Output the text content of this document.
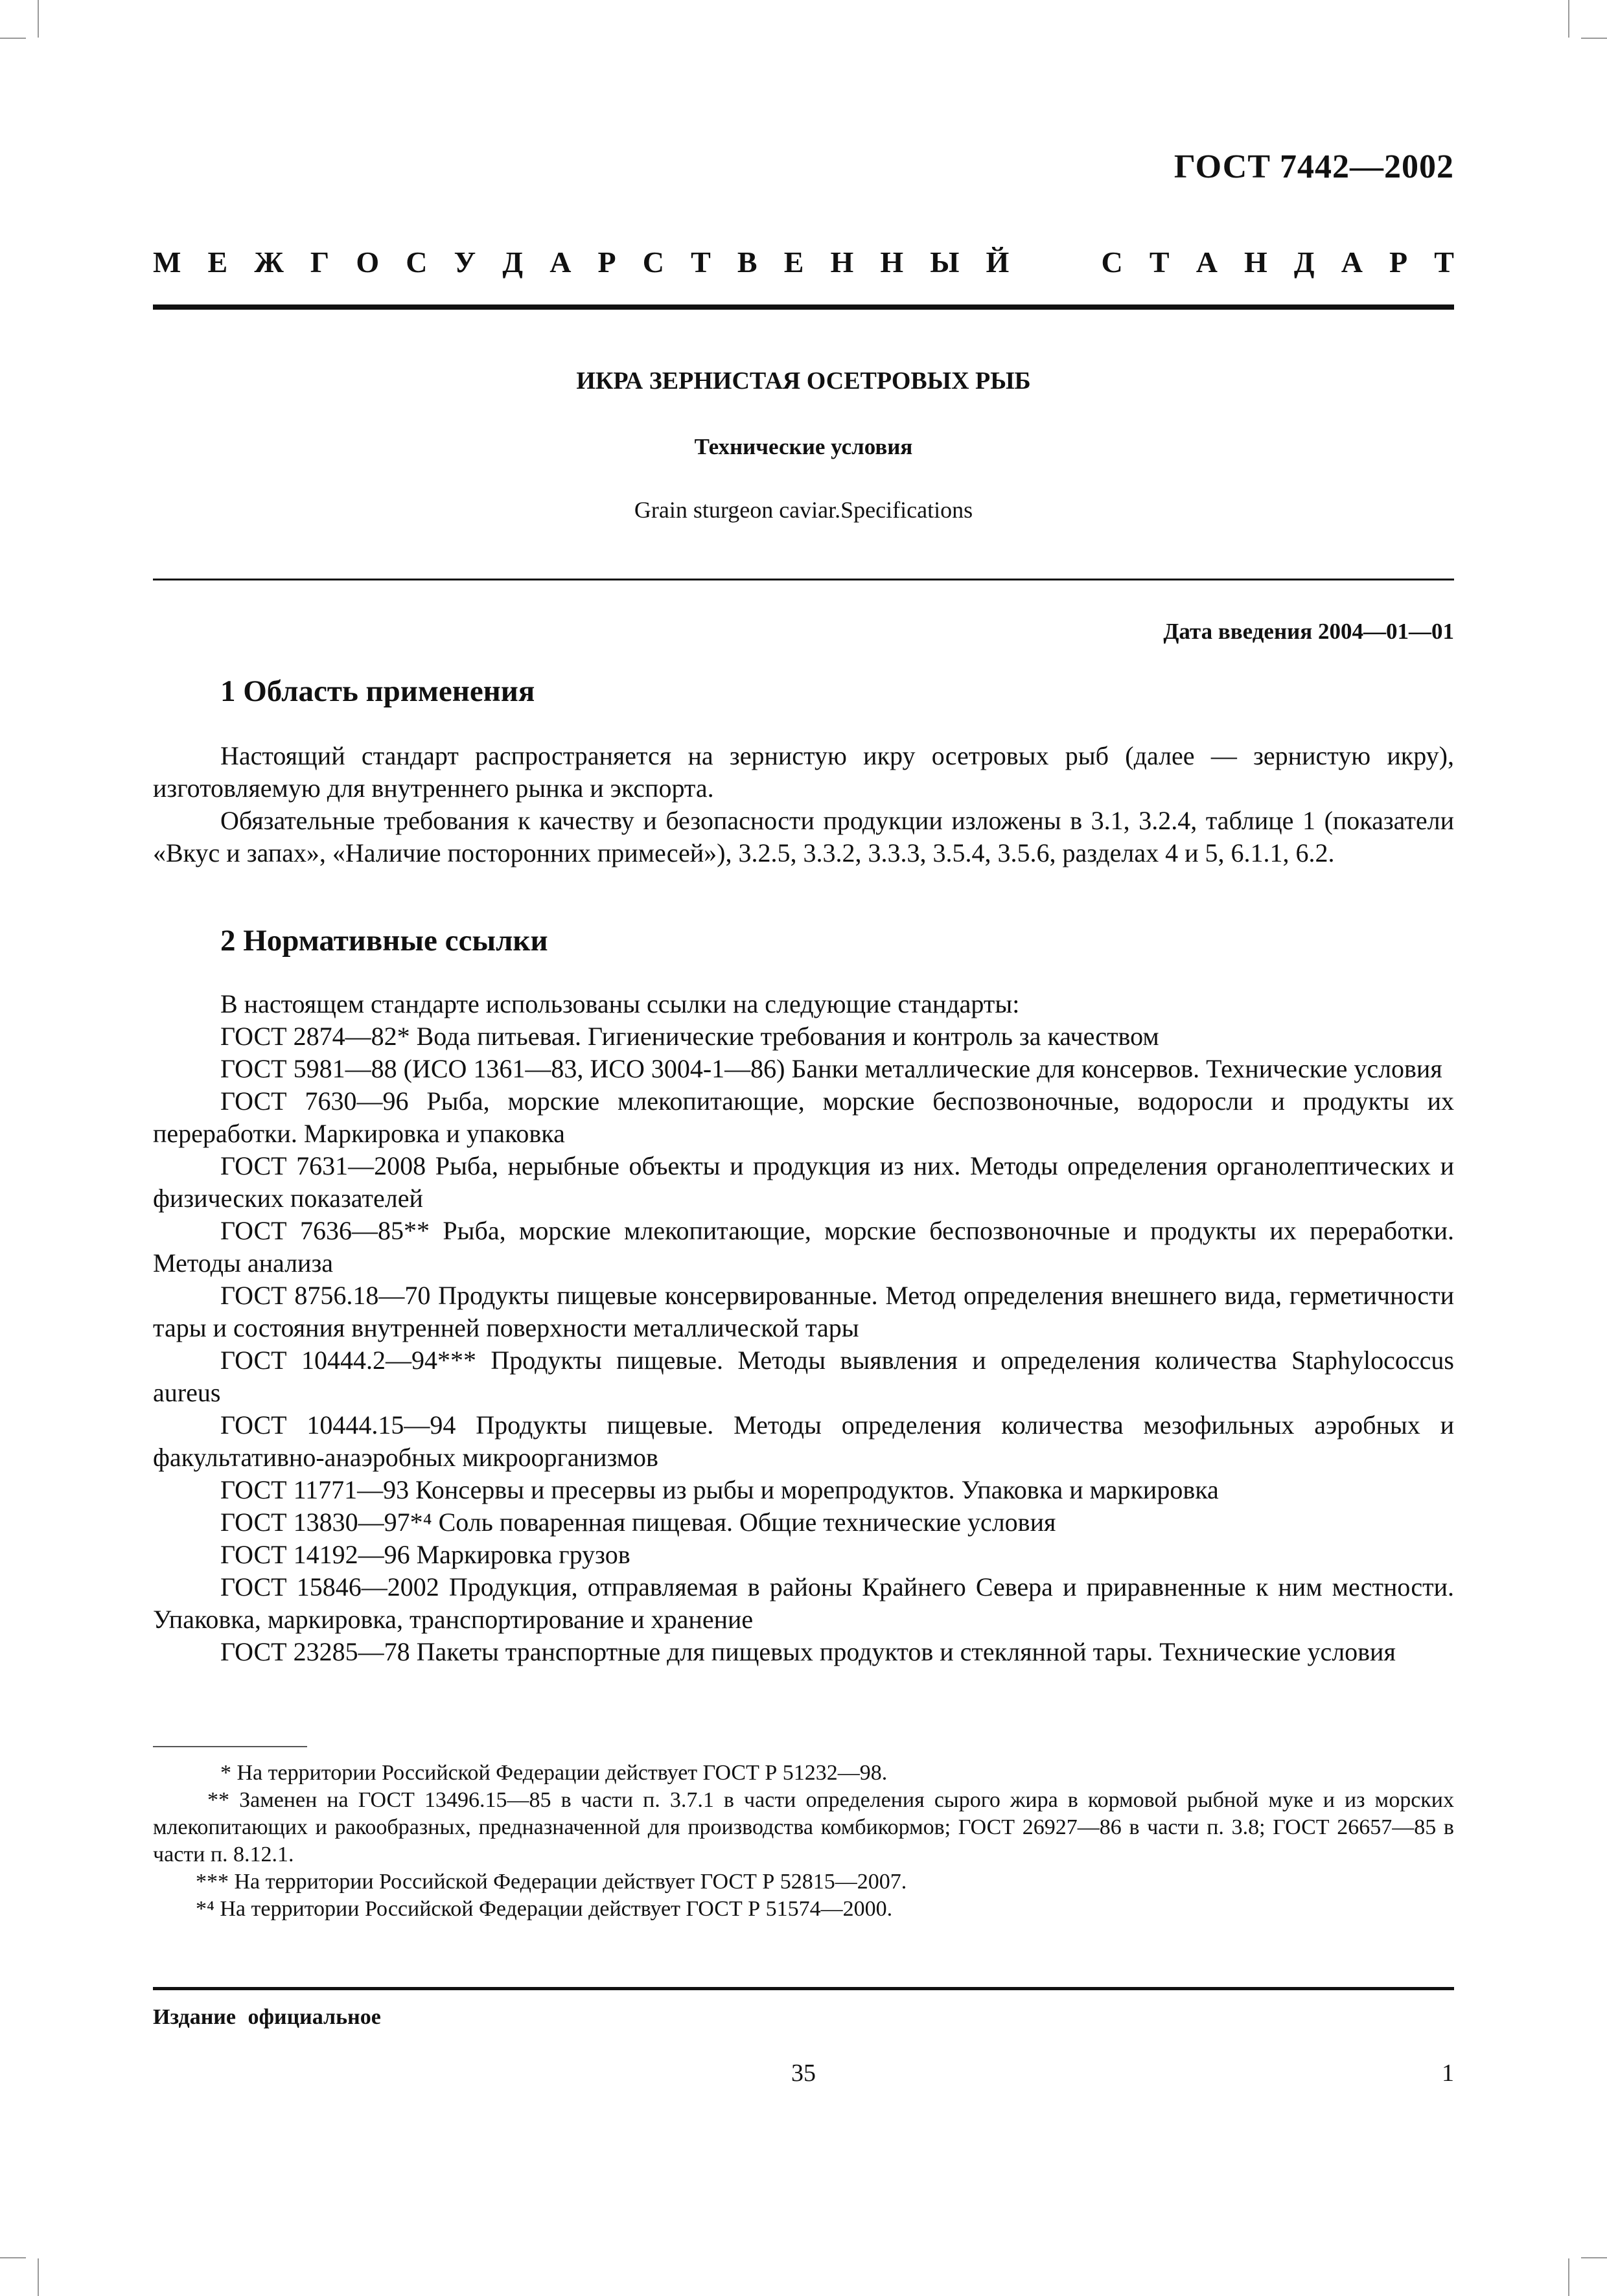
ГОСТ 7442—2002
М Е Ж Г О С У Д А Р С Т В Е Н Н Ы Й	С Т А Н Д А Р Т
ИКРА ЗЕРНИСТАЯ ОСЕТРОВЫХ РЫБ
Технические условия
Grain sturgeon caviar.Specifications
Дата введения 2004—01—01
1 Область применения

Настоящий стандарт распространяется на зернистую икру осетровых рыб (далее — зернистую икру), изготовляемую для внутреннего рынка и экспорта.

Обязательные требования к качеству и безопасности продукции изложены в 3.1, 3.2.4, таблице 1 (показатели «Вкус и запах», «Наличие посторонних примесей»), 3.2.5, 3.3.2, 3.3.3, 3.5.4, 3.5.6, разделах 4 и 5, 6.1.1, 6.2.

2 Нормативные ссылки

В настоящем стандарте использованы ссылки на следующие стандарты:

ГОСТ 2874—82* Вода питьевая. Гигиенические требования и контроль за качеством

ГОСТ 5981—88 (ИСО 1361—83, ИСО 3004-1—86) Банки металлические для консервов. Технические условия

ГОСТ 7630—96 Рыба, морские млекопитающие, морские беспозвоночные, водоросли и продукты их переработки. Маркировка и упаковка

ГОСТ 7631—2008 Рыба, нерыбные объекты и продукция из них. Методы определения органолептических и физических показателей

ГОСТ 7636—85** Рыба, морские млекопитающие, морские беспозвоночные и продукты их переработки. Методы анализа

ГОСТ 8756.18—70 Продукты пищевые консервированные. Метод определения внешнего вида, герметичности тары и состояния внутренней поверхности металлической тары

ГОСТ 10444.2—94*** Продукты пищевые. Методы выявления и определения количества Staphylococcus aureus

ГОСТ 10444.15—94 Продукты пищевые. Методы определения количества мезофильных аэробных и факультативно-анаэробных микроорганизмов

ГОСТ 11771—93 Консервы и пресервы из рыбы и морепродуктов. Упаковка и маркировка

ГОСТ 13830—97*⁴ Соль поваренная пищевая. Общие технические условия

ГОСТ 14192—96 Маркировка грузов

ГОСТ 15846—2002 Продукция, отправляемая в районы Крайнего Севера и приравненные к ним местности. Упаковка, маркировка, транспортирование и хранение

ГОСТ 23285—78 Пакеты транспортные для пищевых продуктов и стеклянной тары. Технические условия

* На территории Российской Федерации действует ГОСТ Р 51232—98.

** Заменен на ГОСТ 13496.15—85 в части п. 3.7.1 в части определения сырого жира в кормовой рыбной муке и из морских млекопитающих и ракообразных, предназначенной для производства комбикормов; ГОСТ 26927—86 в части п. 3.8; ГОСТ 26657—85 в части п. 8.12.1.

*** На территории Российской Федерации действует ГОСТ Р 52815—2007.

*⁴ На территории Российской Федерации действует ГОСТ Р 51574—2000.

Издание официальное
35	1
